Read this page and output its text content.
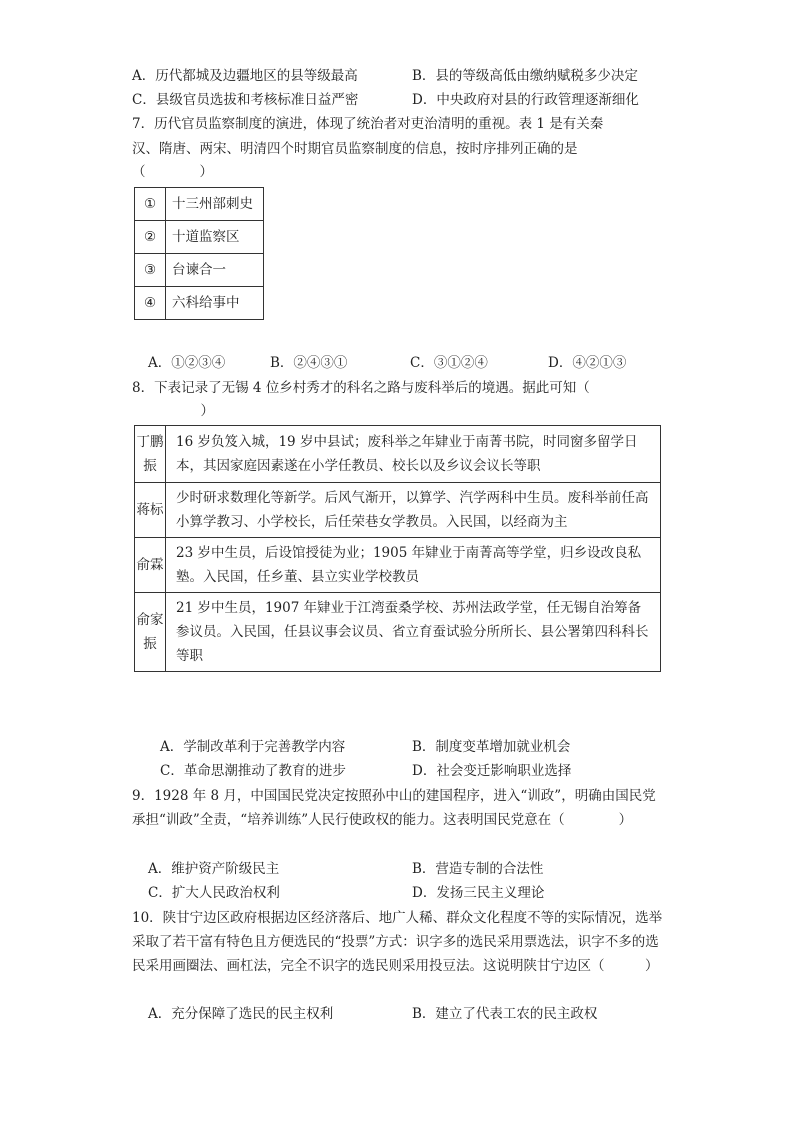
A．历代都城及边疆地区的县等级最高	B．县的等级高低由缴纳赋税多少决定
C．县级官员选拔和考核标准日益严密	D．中央政府对县的行政管理逐渐细化
7．历代官员监察制度的演进，体现了统治者对吏治清明的重视。表 1 是有关秦
汉、隋唐、两宋、明清四个时期官员监察制度的信息，按时序排列正确的是
（　　　　）
①	十三州部刺史
②	十道监察区
③	台谏合一
④	六科给事中
A．①②③④	B．②④③①	C．③①②④	D．④②①③
8．下表记录了无锡 4 位乡村秀才的科名之路与废科举后的境遇。据此可知（
　　　）
丁鹏振	16 岁负笈入城，19 岁中县试；废科举之年肄业于南菁书院，时同窗多留学日本，其因家庭因素遂在小学任教员、校长以及乡议会议长等职
蒋标	少时研求数理化等新学。后风气渐开，以算学、汽学两科中生员。废科举前任高小算学教习、小学校长，后任荣巷女学教员。入民国，以经商为主
俞霖	23 岁中生员，后设馆授徒为业；1905 年肄业于南菁高等学堂，归乡设改良私塾。入民国，任乡董、县立实业学校教员
俞家振	21 岁中生员，1907 年肄业于江湾蚕桑学校、苏州法政学堂，任无锡自治筹备参议员。入民国，任县议事会议员、省立育蚕试验分所所长、县公署第四科科长等职
A．学制改革利于完善教学内容	B．制度变革增加就业机会
C．革命思潮推动了教育的进步	D．社会变迁影响职业选择
9．1928 年 8 月，中国国民党决定按照孙中山的建国程序，进入“训政”，明确由国民党承担“训政”全责，“培养训练”人民行使政权的能力。这表明国民党意在（　　　　）
A．维护资产阶级民主	B．营造专制的合法性
C．扩大人民政治权利	D．发扬三民主义理论
10．陕甘宁边区政府根据边区经济落后、地广人稀、群众文化程度不等的实际情况，选举采取了若干富有特色且方便选民的“投票”方式：识字多的选民采用票选法，识字不多的选民采用画圈法、画杠法，完全不识字的选民则采用投豆法。这说明陕甘宁边区（　　　）
A．充分保障了选民的民主权利	B．建立了代表工农的民主政权
